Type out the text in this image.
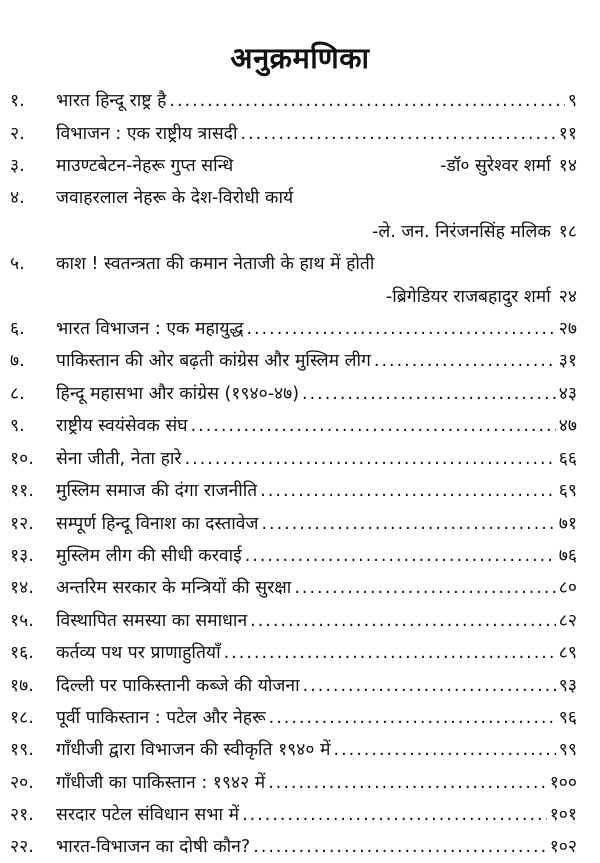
अनुक्रमणिका
१.	भारत हिन्दू राष्ट्र है .....	९
२.	विभाजन : एक राष्ट्रीय त्रासदी .....	११
३.	माउण्टबेटन-नेहरू गुप्त सन्धि	-डॉ० सुरेश्वर शर्मा १४
४.	जवाहरलाल नेहरू के देश-विरोधी कार्य
-ले. जन. निरंजनसिंह मलिक १८
५.	काश ! स्वतन्त्रता की कमान नेताजी के हाथ में होती
-ब्रिगेडियर राजबहादुर शर्मा २४
६.	भारत विभाजन : एक महायुद्ध .....	२७
७.	पाकिस्तान की ओर बढ़ती कांग्रेस और मुस्लिम लीग .....	३१
८.	हिन्दू महासभा और कांग्रेस (१९४०-४७) .....	४३
९.	राष्ट्रीय स्वयंसेवक संघ .....	४७
१०.	सेना जीती, नेता हारे .....	६६
११.	मुस्लिम समाज की दंगा राजनीति .....	६९
१२.	सम्पूर्ण हिन्दू विनाश का दस्तावेज .....	७१
१३.	मुस्लिम लीग की सीधी करवाई .....	७६
१४.	अन्तरिम सरकार के मन्त्रियों की सुरक्षा .....	८०
१५.	विस्थापित समस्या का समाधान .....	८२
१६.	कर्तव्य पथ पर प्राणाहुतियाँ .....	८९
१७.	दिल्ली पर पाकिस्तानी कब्जे की योजना .....	९३
१८.	पूर्वी पाकिस्तान : पटेल और नेहरू .....	९६
१९.	गाँधीजी द्वारा विभाजन की स्वीकृति १९४० में .....	९९
२०.	गाँधीजी का पाकिस्तान : १९४२ में .....	१००
२१.	सरदार पटेल संविधान सभा में .....	१०१
२२.	भारत-विभाजन का दोषी कौन? .....	१०२
